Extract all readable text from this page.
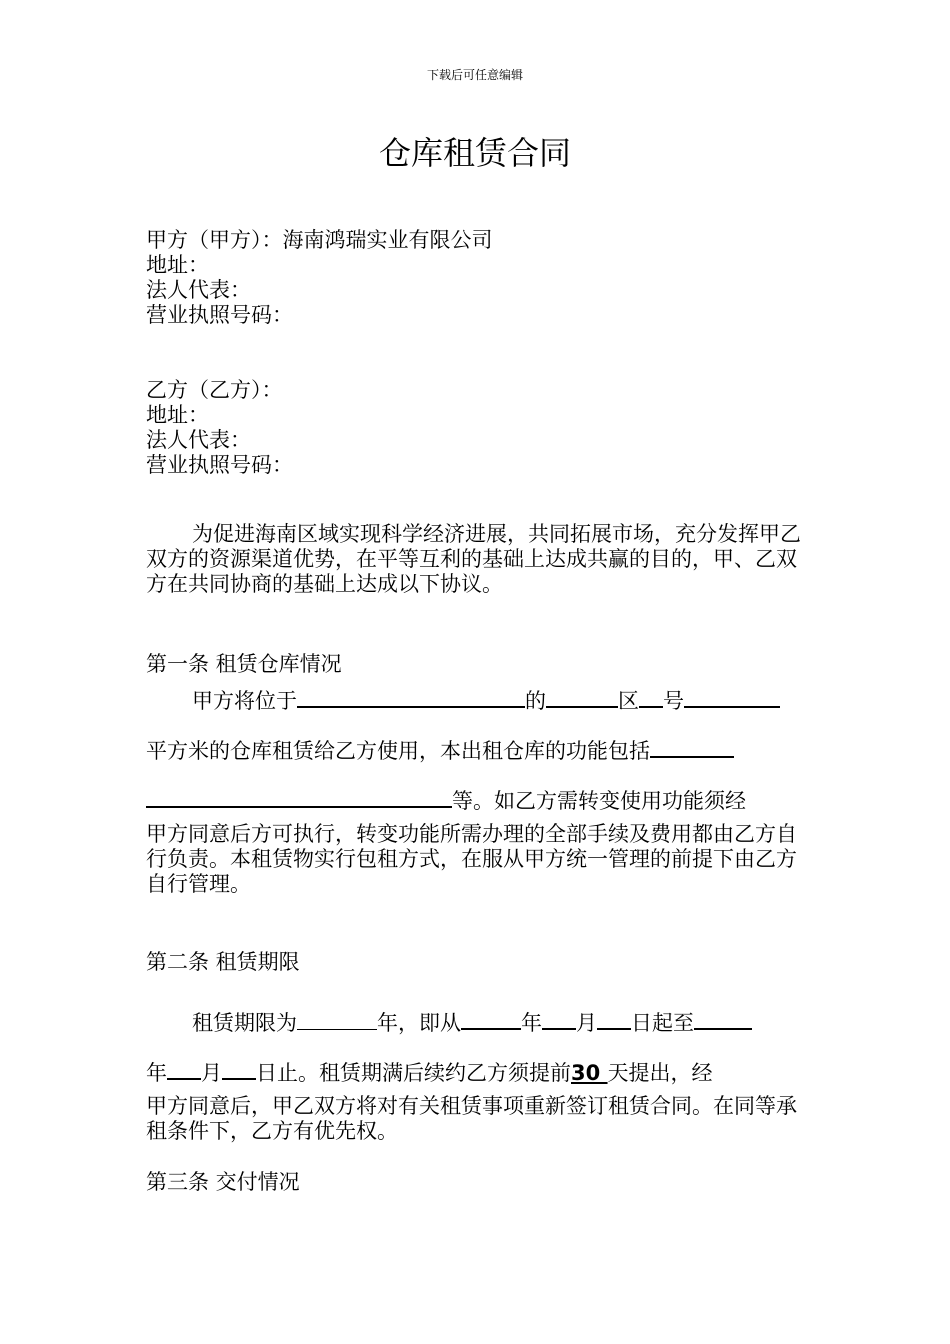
下载后可任意编辑
仓库租赁合同
甲方（甲方）：海南鸿瑞实业有限公司
地址：
法人代表：
营业执照号码：
乙方（乙方）：
地址：
法人代表：
营业执照号码：
为促进海南区域实现科学经济进展，共同拓展市场，充分发挥甲乙双方的资源渠道优势，在平等互利的基础上达成共赢的目的，甲、乙双方在共同协商的基础上达成以下协议。
第一条 租赁仓库情况
甲方将位于	的	区 号
平方米的仓库租赁给乙方使用，本出租仓库的功能包括
等。如乙方需转变使用功能须经
甲方同意后方可执行，转变功能所需办理的全部手续及费用都由乙方自行负责。本租赁物实行包租方式，在服从甲方统一管理的前提下由乙方自行管理。
第二条 租赁期限
租赁期限为	年，即从	年 月 日起至
年 月 日止。租赁期满后续约乙方须提前30 天提出，经
甲方同意后，甲乙双方将对有关租赁事项重新签订租赁合同。在同等承租条件下，乙方有优先权。
第三条 交付情况
